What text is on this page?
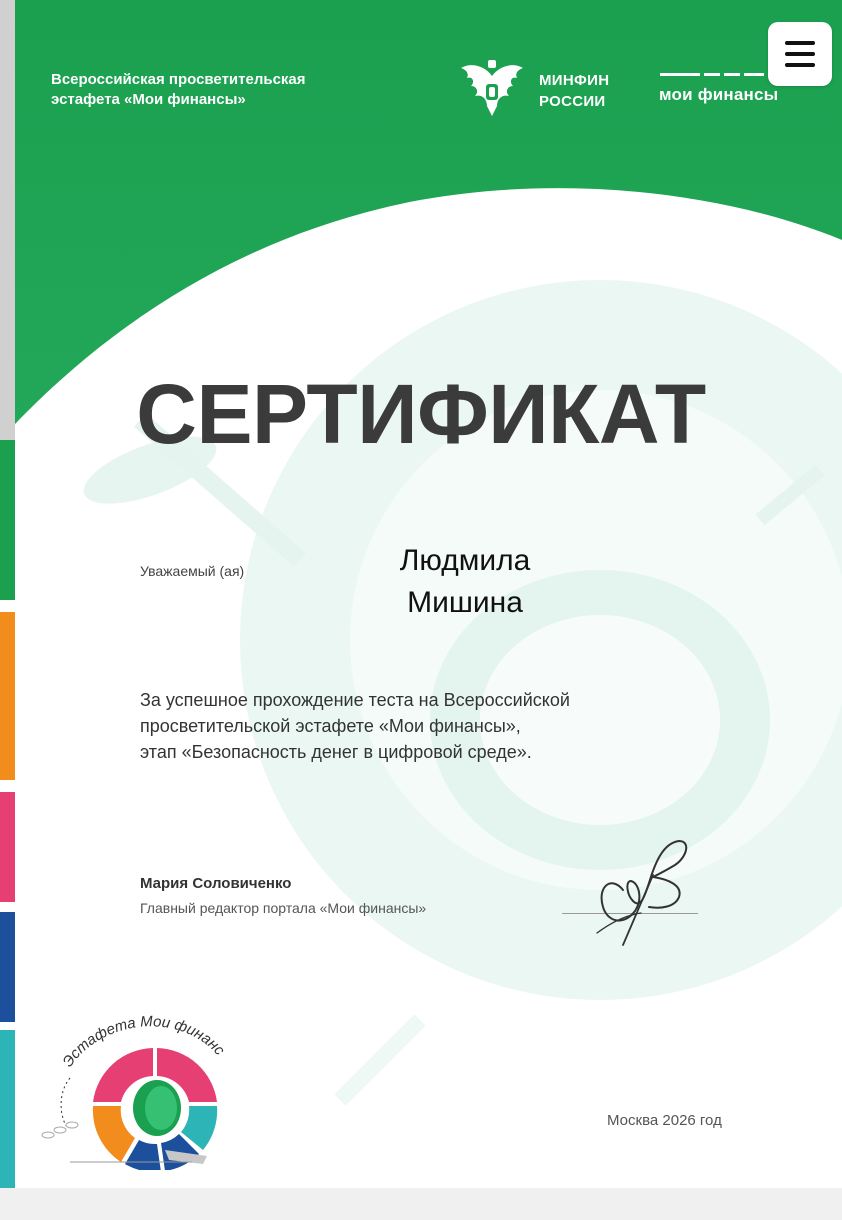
Всероссийская просветительская
эстафета «Мои финансы»
МИНФИН
РОССИИ	мои финансы
СЕРТИФИКАТ
Уважаемый (ая)	Людмила
Мишина
За успешное прохождение теста на Всероссийской
просветительской эстафете «Мои финансы»,
этап «Безопасность денег в цифровой среде».
Мария Соловиченко
Главный редактор портала «Мои финансы»
Эстафета Мои финанс
Москва 2026 год
